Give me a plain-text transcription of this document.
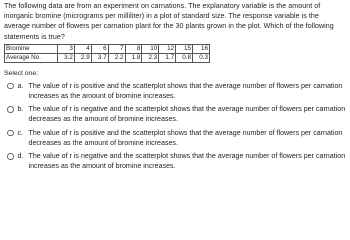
The following data are from an experiment on carnations. The explanatory variable is the amount of inorganic bromine (micrograms per milliliter) in a plot of standard size. The response variable is the average number of flowers per carnation plant for the 30 plants grown in the plot. Which of the following statements is true?

Bromine	3	4	6	7	8	10	12	15	16
Average No.	3.2	2.9	3.7	2.2	1.8	2.3	1.7	0.8	0.3
Select one:
a. The value of r is positive and the scatterplot shows that the average number of flowers per carnation increases as the amount of bromine increases.
b. The value of r is negative and the scatterplot shows that the average number of flowers per carnation decreases as the amount of bromine increases.
c. The value of r is positive and the scatterplot shows that the average number of flowers per carnation decreases as the amount of bromine increases.
d. The value of r is negative and the scatterplot shows that the average number of flowers per carnation increases as the amount of bromine increases.
